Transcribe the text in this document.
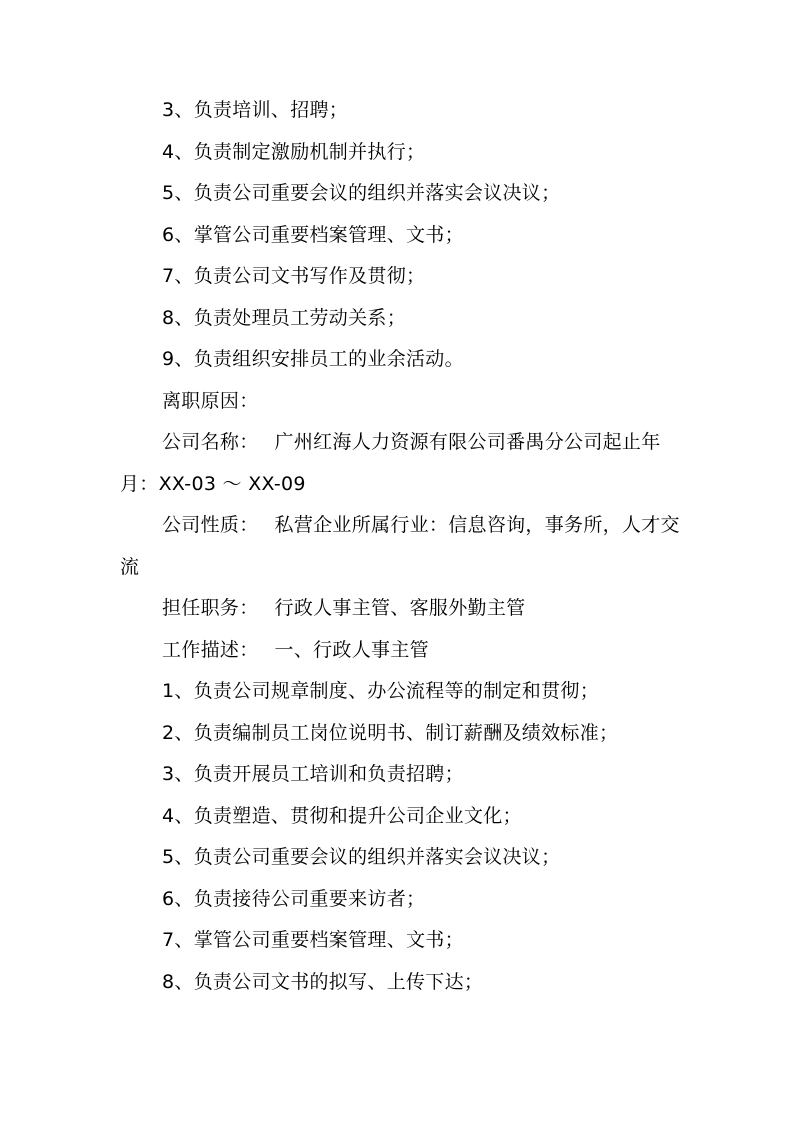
3、负责培训、招聘；

4、负责制定激励机制并执行；

5、负责公司重要会议的组织并落实会议决议；

6、掌管公司重要档案管理、文书；

7、负责公司文书写作及贯彻；

8、负责处理员工劳动关系；

9、负责组织安排员工的业余活动。

离职原因：

公司名称： 广州红海人力资源有限公司番禺分公司起止年月：XX-03 ～ XX-09

公司性质： 私营企业所属行业：信息咨询，事务所，人才交流

担任职务： 行政人事主管、客服外勤主管

工作描述： 一、行政人事主管

1、负责公司规章制度、办公流程等的制定和贯彻；

2、负责编制员工岗位说明书、制订薪酬及绩效标准；

3、负责开展员工培训和负责招聘；

4、负责塑造、贯彻和提升公司企业文化；

5、负责公司重要会议的组织并落实会议决议；

6、负责接待公司重要来访者；

7、掌管公司重要档案管理、文书；

8、负责公司文书的拟写、上传下达；
